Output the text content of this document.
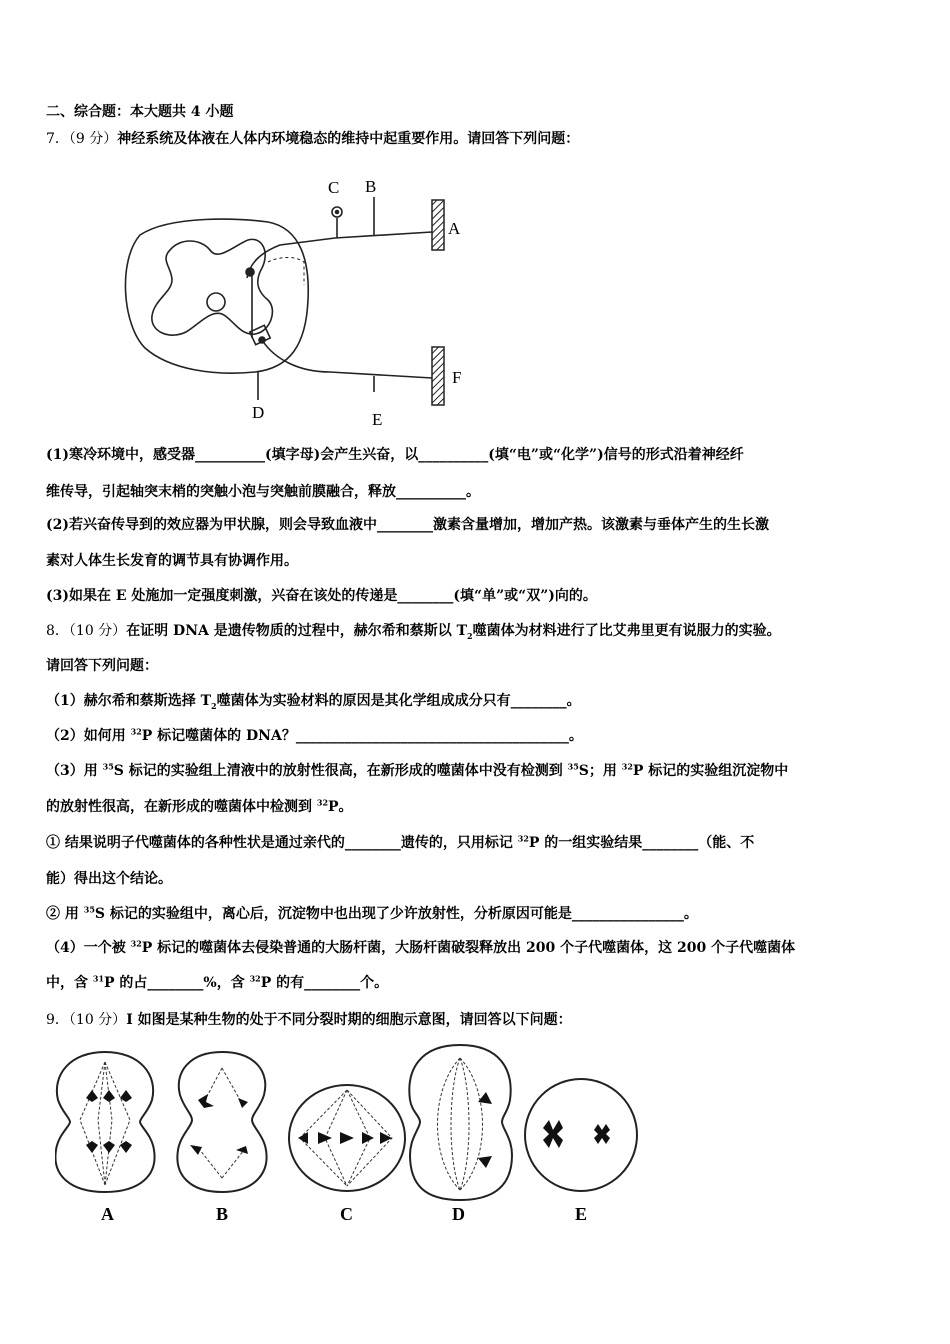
二、综合题：本大题共 4 小题
7．（9 分）神经系统及体液在人体内环境稳态的维持中起重要作用。请回答下列问题：
A
B
C
D	E
F
(1)寒冷环境中，感受器__________(填字母)会产生兴奋，以__________(填“电”或“化学”)信号的形式沿着神经纤
维传导，引起轴突末梢的突触小泡与突触前膜融合，释放__________。
(2)若兴奋传导到的效应器为甲状腺，则会导致血液中________激素含量增加，增加产热。该激素与垂体产生的生长激
素对人体生长发育的调节具有协调作用。
(3)如果在 E 处施加一定强度刺激，兴奋在该处的传递是________(填“单”或“双”)向的。
8．（10 分）在证明 DNA 是遗传物质的过程中，赫尔希和蔡斯以 $T_2$噬菌体为材料进行了比艾弗里更有说服力的实验。
请回答下列问题：
（1）赫尔希和蔡斯选择 $T_2$噬菌体为实验材料的原因是其化学组成成分只有________。
（2）如何用 $^{32}$P 标记噬菌体的 DNA？_______________________________________。
（3）用 $^{35}$S 标记的实验组上清液中的放射性很高，在新形成的噬菌体中没有检测到 $^{35}$S；用 $^{32}$P 标记的实验组沉淀物中
的放射性很高，在新形成的噬菌体中检测到 $^{32}$P。
① 结果说明子代噬菌体的各种性状是通过亲代的________遗传的，只用标记 $^{32}$P 的一组实验结果________（能、不
能）得出这个结论。
② 用 $^{35}$S 标记的实验组中，离心后，沉淀物中也出现了少许放射性，分析原因可能是________________。
（4）一个被 $^{32}$P 标记的噬菌体去侵染普通的大肠杆菌，大肠杆菌破裂释放出 200 个子代噬菌体，这 200 个子代噬菌体
中，含 $^{31}$P 的占________%，含 $^{32}$P 的有________个。
9．（10 分）I 如图是某种生物的处于不同分裂时期的细胞示意图，请回答以下问题：
A	B	C	D	E
